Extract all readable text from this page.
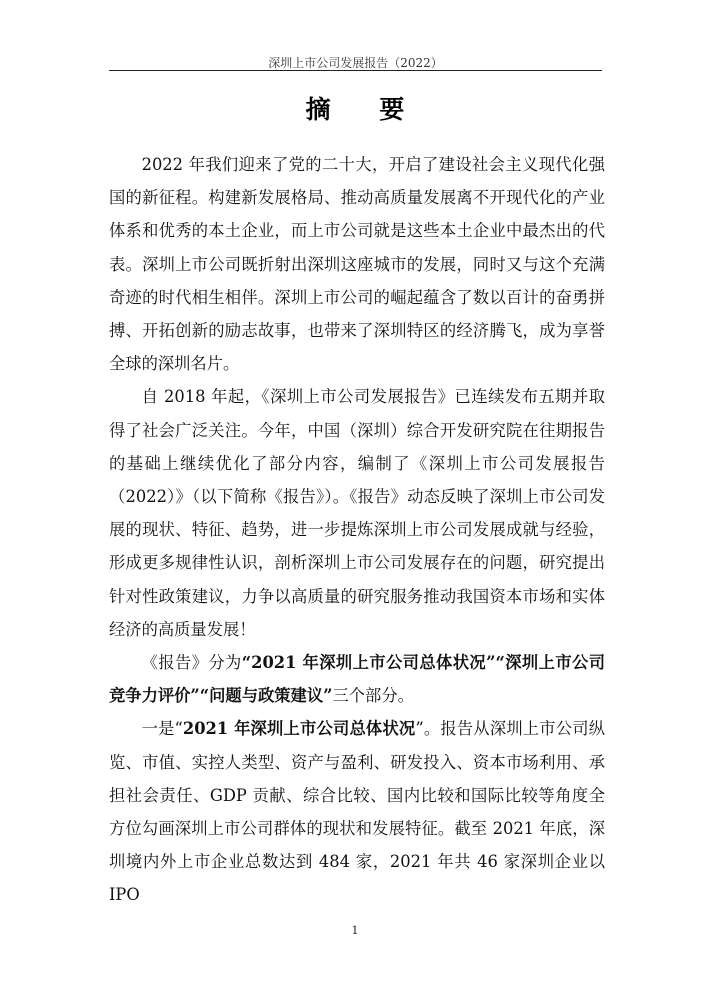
深圳上市公司发展报告（2022）
摘 要

2022 年我们迎来了党的二十大，开启了建设社会主义现代化强国的新征程。构建新发展格局、推动高质量发展离不开现代化的产业体系和优秀的本土企业，而上市公司就是这些本土企业中最杰出的代表。深圳上市公司既折射出深圳这座城市的发展，同时又与这个充满奇迹的时代相生相伴。深圳上市公司的崛起蕴含了数以百计的奋勇拼搏、开拓创新的励志故事，也带来了深圳特区的经济腾飞，成为享誉全球的深圳名片。

自 2018 年起，《深圳上市公司发展报告》已连续发布五期并取得了社会广泛关注。今年，中国（深圳）综合开发研究院在往期报告的基础上继续优化了部分内容，编制了《深圳上市公司发展报告（2022）》（以下简称《报告》）。《报告》动态反映了深圳上市公司发展的现状、特征、趋势，进一步提炼深圳上市公司发展成就与经验，形成更多规律性认识，剖析深圳上市公司发展存在的问题，研究提出针对性政策建议，力争以高质量的研究服务推动我国资本市场和实体经济的高质量发展！

《报告》分为“2021 年深圳上市公司总体状况”“深圳上市公司竞争力评价”“问题与政策建议”三个部分。

一是“2021 年深圳上市公司总体状况”。报告从深圳上市公司纵览、市值、实控人类型、资产与盈利、研发投入、资本市场利用、承担社会责任、GDP 贡献、综合比较、国内比较和国际比较等角度全方位勾画深圳上市公司群体的现状和发展特征。截至 2021 年底，深圳境内外上市企业总数达到 484 家，2021 年共 46 家深圳企业以 IPO

1
